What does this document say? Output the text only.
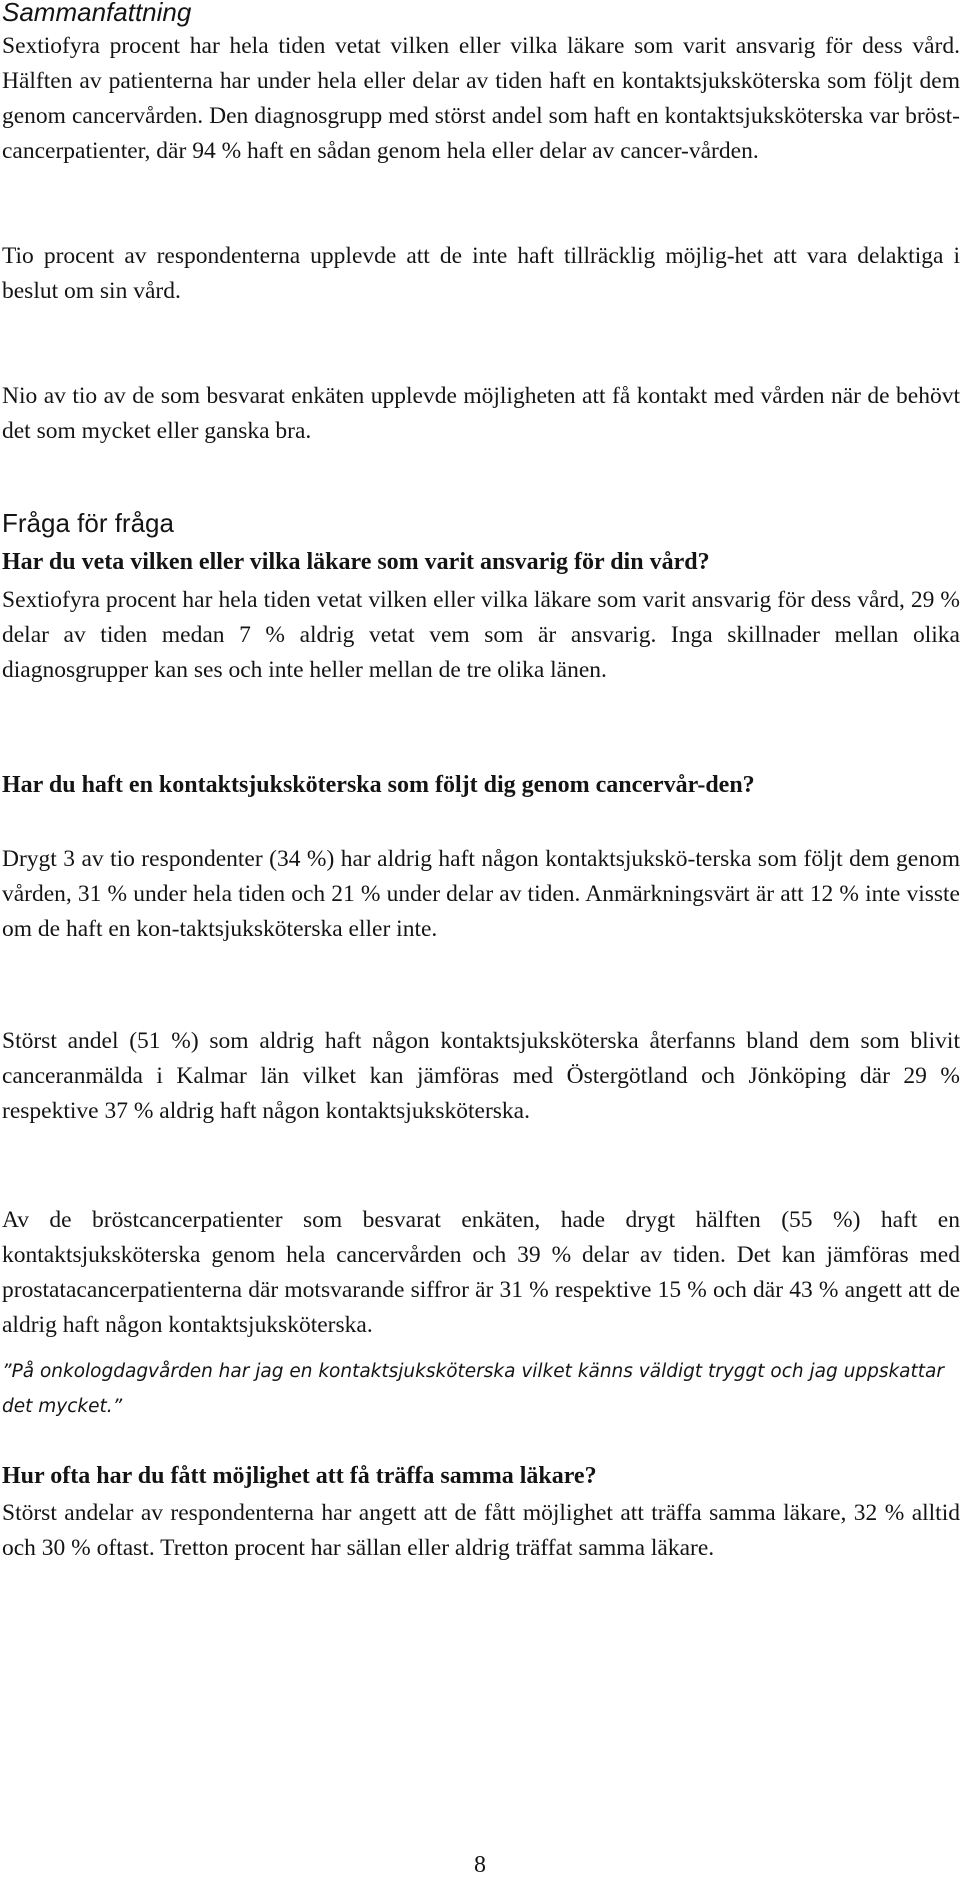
Sammanfattning

Sextiofyra procent har hela tiden vetat vilken eller vilka läkare som varit ansvarig för dess vård. Hälften av patienterna har under hela eller delar av tiden haft en kontaktsjuksköterska som följt dem genom cancervården. Den diagnosgrupp med störst andel som haft en kontaktsjuksköterska var bröst-cancerpatienter, där 94 % haft en sådan genom hela eller delar av cancer-vården.

Tio procent av respondenterna upplevde att de inte haft tillräcklig möjlig-het att vara delaktiga i beslut om sin vård.

Nio av tio av de som besvarat enkäten upplevde möjligheten att få kontakt med vården när de behövt det som mycket eller ganska bra.

Fråga för fråga
Har du veta vilken eller vilka läkare som varit ansvarig för din vård?

Sextiofyra procent har hela tiden vetat vilken eller vilka läkare som varit ansvarig för dess vård, 29 % delar av tiden medan 7 % aldrig vetat vem som är ansvarig. Inga skillnader mellan olika diagnosgrupper kan ses och inte heller mellan de tre olika länen.

Har du haft en kontaktsjuksköterska som följt dig genom cancervår-den?

Drygt 3 av tio respondenter (34 %) har aldrig haft någon kontaktsjukskö-terska som följt dem genom vården, 31 % under hela tiden och 21 % under delar av tiden. Anmärkningsvärt är att 12 % inte visste om de haft en kon-taktsjuksköterska eller inte.

Störst andel (51 %) som aldrig haft någon kontaktsjuksköterska återfanns bland dem som blivit canceranmälda i Kalmar län vilket kan jämföras med Östergötland och Jönköping där 29 % respektive 37 % aldrig haft någon kontaktsjuksköterska.

Av de bröstcancerpatienter som besvarat enkäten, hade drygt hälften (55 %) haft en kontaktsjuksköterska genom hela cancervården och 39 % delar av tiden. Det kan jämföras med prostatacancerpatienterna där motsvarande siffror är 31 % respektive 15 % och där 43 % angett att de aldrig haft någon kontaktsjuksköterska.

”På onkologdagvården har jag en kontaktsjuksköterska vilket känns väldigt tryggt och jag uppskattar det mycket.”

Hur ofta har du fått möjlighet att få träffa samma läkare?

Störst andelar av respondenterna har angett att de fått möjlighet att träffa samma läkare, 32 % alltid och 30 % oftast. Tretton procent har sällan eller aldrig träffat samma läkare.

8
